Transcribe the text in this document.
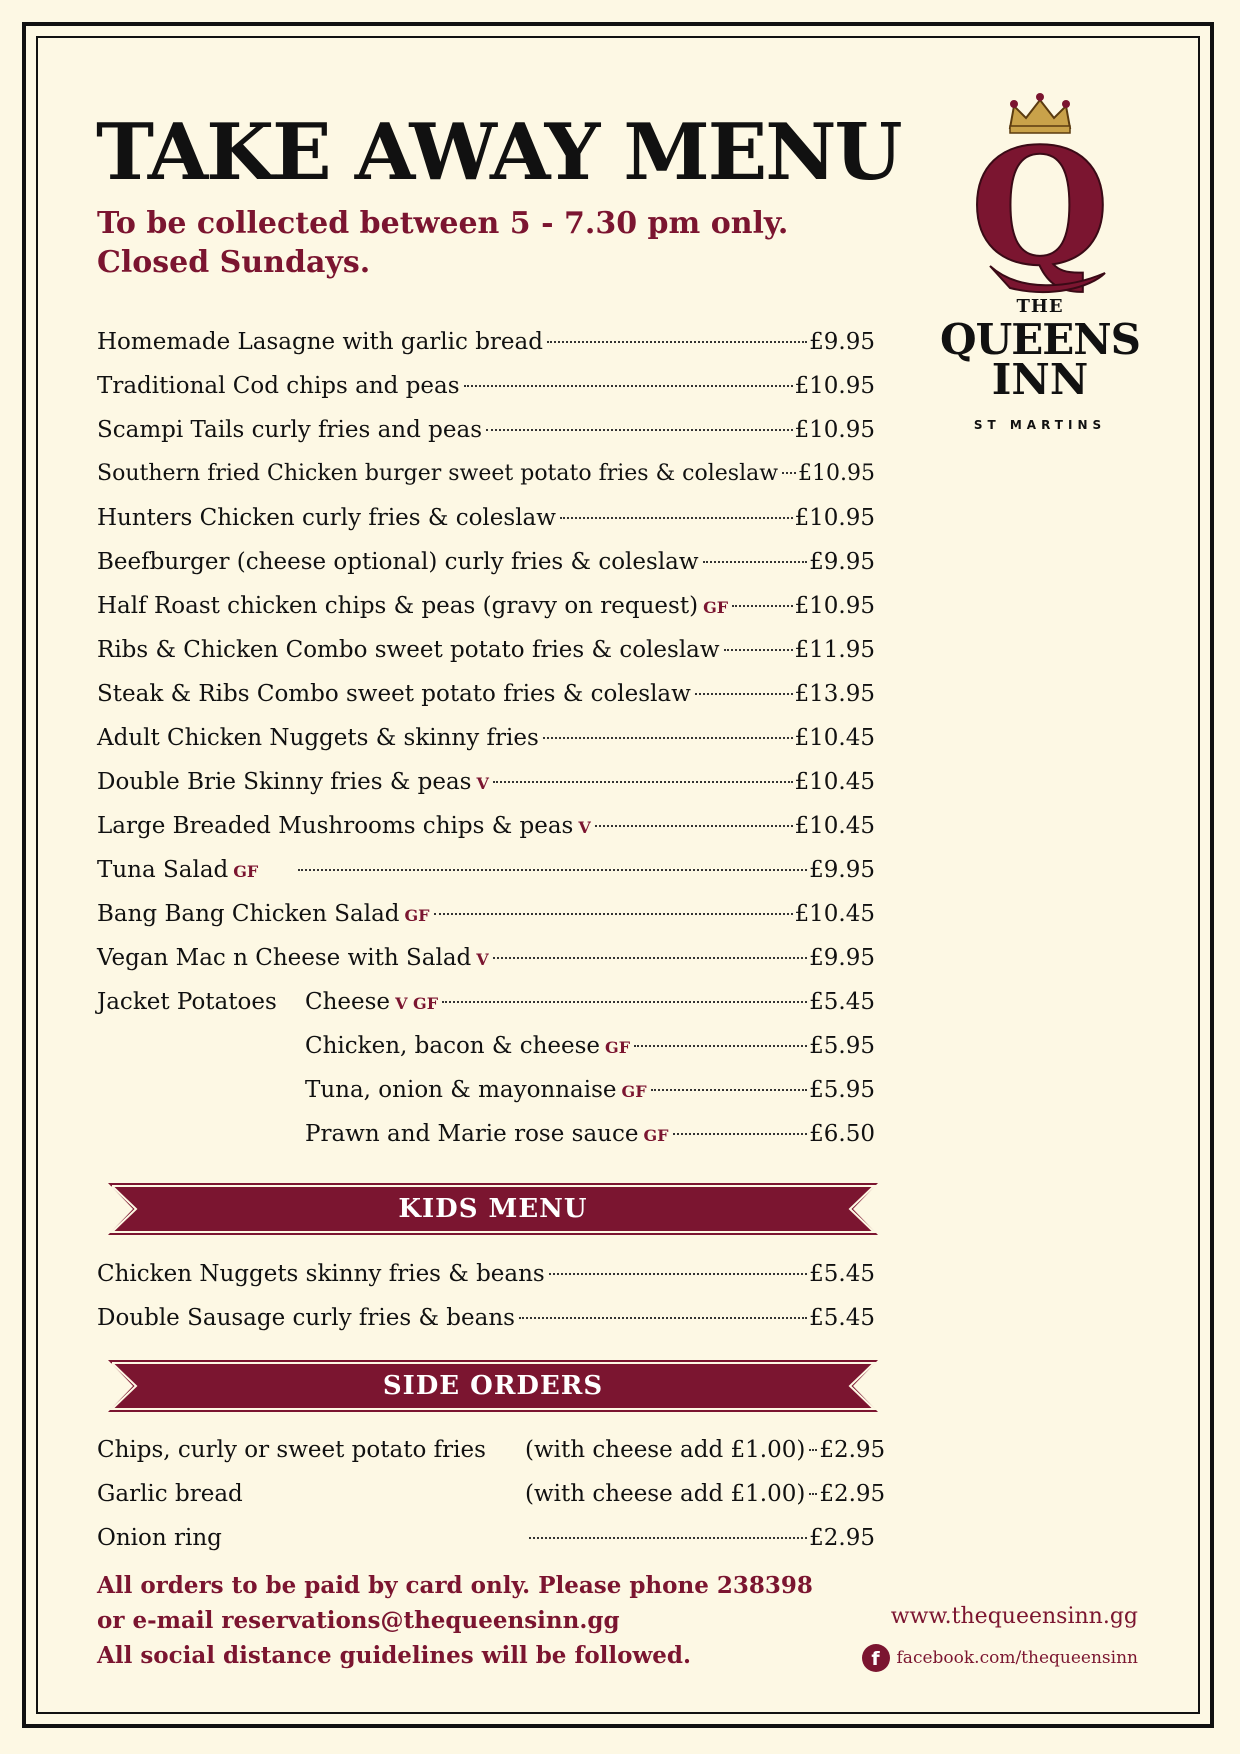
TAKE AWAY MENU
To be collected between 5 - 7.30 pm only.
Closed Sundays.	Q
THE
QUEENS
INN
ST MARTINS
Homemade Lasagne with garlic bread	£9.95
Traditional Cod chips and peas	£10.95
Scampi Tails curly fries and peas	£10.95
Southern fried Chicken burger sweet potato fries & coleslaw £10.95
Hunters Chicken curly fries & coleslaw	£10.95
Beefburger (cheese optional) curly fries & coleslaw	£9.95
Half Roast chicken chips & peas (gravy on request) GF	£10.95
Ribs & Chicken Combo sweet potato fries & coleslaw	£11.95
Steak & Ribs Combo sweet potato fries & coleslaw	£13.95
Adult Chicken Nuggets & skinny fries	£10.45
Double Brie Skinny fries & peas V	£10.45
Large Breaded Mushrooms chips & peas V	£10.45
Tuna Salad GF	£9.95
Bang Bang Chicken Salad GF	£10.45
Vegan Mac n Cheese with Salad V	£9.95
Jacket Potatoes	Cheese V GF	£5.45
Chicken, bacon & cheese GF	£5.95
Tuna, onion & mayonnaise GF	£5.95
Prawn and Marie rose sauce GF	£6.50
KIDS MENU
Chicken Nuggets skinny fries & beans	£5.45
Double Sausage curly fries & beans	£5.45
SIDE ORDERS
Chips, curly or sweet potato fries	(with cheese add £1.00) £2.95
Garlic bread	(with cheese add £1.00) £2.95
Onion ring	£2.95
All orders to be paid by card only. Please phone 238398
or e-mail reservations@thequeensinn.gg
All social distance guidelines will be followed.
www.thequeensinn.gg
f facebook.com/thequeensinn
